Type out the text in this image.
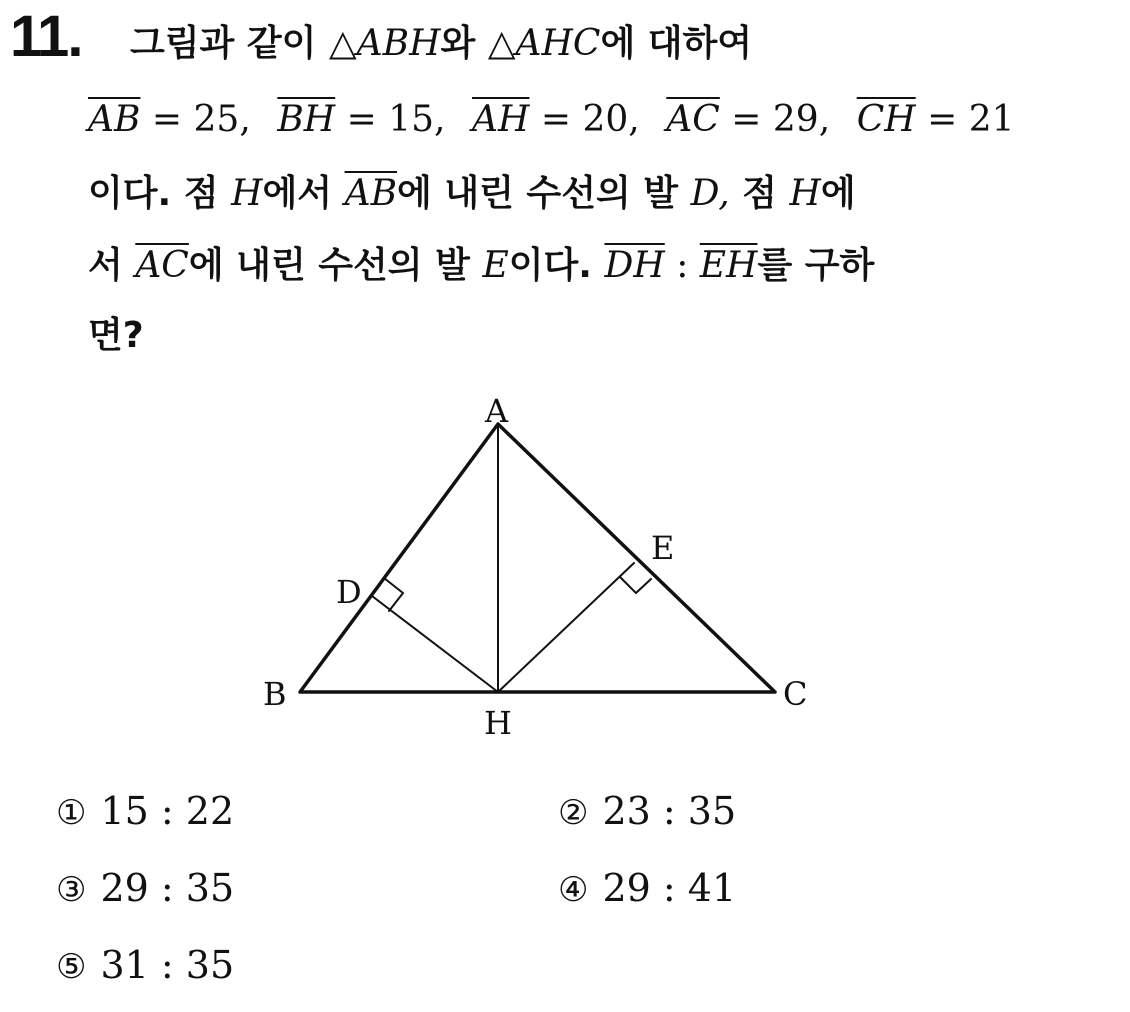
11. 그림과 같이 △ABH와 △AHC에 대하여
$\overline{AB} = 25$, $\overline{BH} = 15$, $\overline{AH} = 20$, $\overline{AC} = 29$, $\overline{CH} = 21$
이다. 점 H에서 $\overline{AB}$에 내린 수선의 발 D, 점 H에
서 $\overline{AC}$에 내린 수선의 발 E이다. $\overline{DH}$ : $\overline{EH}$를 구하
면?
A
B	C
D
E
H
① 15 : 22	② 23 : 35
③ 29 : 35	④ 29 : 41
⑤ 31 : 35
